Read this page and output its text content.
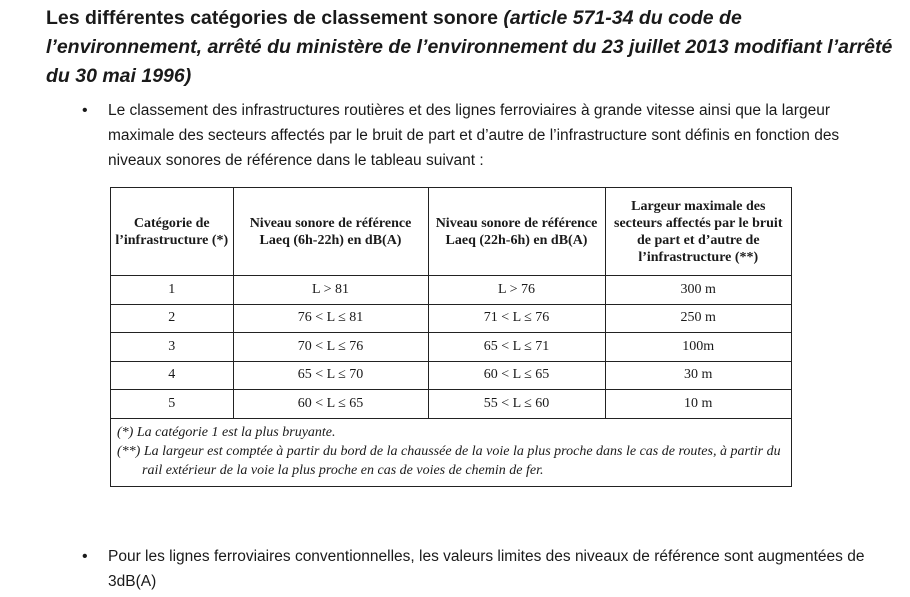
Les différentes catégories de classement sonore (article 571-34 du code de l’environnement, arrêté du ministère de l’environnement du 23 juillet 2013 modifiant l’arrêté du 30 mai 1996)
•	Le classement des infrastructures routières et des lignes ferroviaires à grande vitesse ainsi que la largeur maximale des secteurs affectés par le bruit de part et d’autre de l’infrastructure sont définis en fonction des niveaux sonores de référence dans le tableau suivant :
Catégorie de l’infrastructure (*)	Niveau sonore de référence Laeq (6h-22h) en dB(A)	Niveau sonore de référence Laeq (22h-6h) en dB(A)	Largeur maximale des secteurs affectés par le bruit de part et d’autre de l’infrastructure (**)
1	L > 81	L > 76	300 m
2	76 < L ≤ 81	71 < L ≤ 76	250 m
3	70 < L ≤ 76	65 < L ≤ 71	100m
4	65 < L ≤ 70	60 < L ≤ 65	30 m
5	60 < L ≤ 65	55 < L ≤ 60	10 m
(*) La catégorie 1 est la plus bruyante.
(**) La largeur est comptée à partir du bord de la chaussée de la voie la plus proche dans le cas de routes, à partir du rail extérieur de la voie la plus proche en cas de voies de chemin de fer.
•	Pour les lignes ferroviaires conventionnelles, les valeurs limites des niveaux de référence sont augmentées de 3dB(A)
